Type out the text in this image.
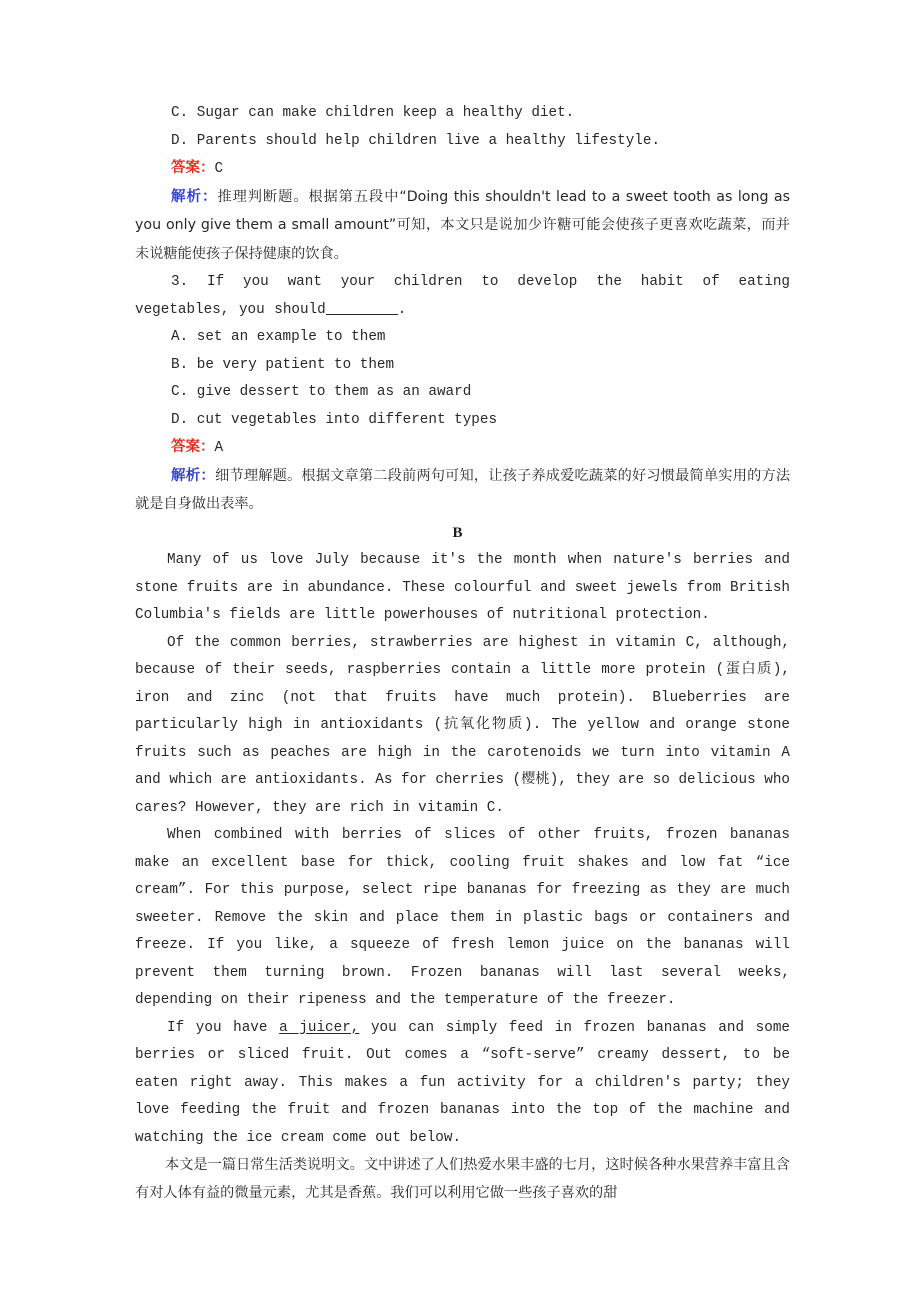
C. Sugar can make children keep a healthy diet.
D. Parents should help children live a healthy lifestyle.
答案：C
解析：推理判断题。根据第五段中“Doing this shouldn't lead to a sweet tooth as long as you only give them a small amount”可知，本文只是说加少许糖可能会使孩子更喜欢吃蔬菜，而并未说糖能使孩子保持健康的饮食。
3. If you want your children to develop the habit of eating vegetables, you should	.
A. set an example to them
B. be very patient to them
C. give dessert to them as an award
D. cut vegetables into different types
答案：A
解析：细节理解题。根据文章第二段前两句可知，让孩子养成爱吃蔬菜的好习惯最简单实用的方法就是自身做出表率。
B

Many of us love July because it's the month when nature's berries and stone fruits are in abundance. These colourful and sweet jewels from British Columbia's fields are little powerhouses of nutritional protection.

Of the common berries, strawberries are highest in vitamin C, although, because of their seeds, raspberries contain a little more protein (蛋白质), iron and zinc (not that fruits have much protein). Blueberries are particularly high in antioxidants (抗氧化物质). The yellow and orange stone fruits such as peaches are high in the carotenoids we turn into vitamin A and which are antioxidants. As for cherries (樱桃), they are so delicious who cares? However, they are rich in vitamin C.

When combined with berries of slices of other fruits, frozen bananas make an excellent base for thick, cooling fruit shakes and low fat “ice cream”. For this purpose, select ripe bananas for freezing as they are much sweeter. Remove the skin and place them in plastic bags or containers and freeze. If you like, a squeeze of fresh lemon juice on the bananas will prevent them turning brown. Frozen bananas will last several weeks, depending on their ripeness and the temperature of the freezer.

If you have a juicer, you can simply feed in frozen bananas and some berries or sliced fruit. Out comes a “soft-serve” creamy dessert, to be eaten right away. This makes a fun activity for a children's party; they love feeding the fruit and frozen bananas into the top of the machine and watching the ice cream come out below.

本文是一篇日常生活类说明文。文中讲述了人们热爱水果丰盛的七月，这时候各种水果营养丰富且含有对人体有益的微量元素，尤其是香蕉。我们可以利用它做一些孩子喜欢的甜
